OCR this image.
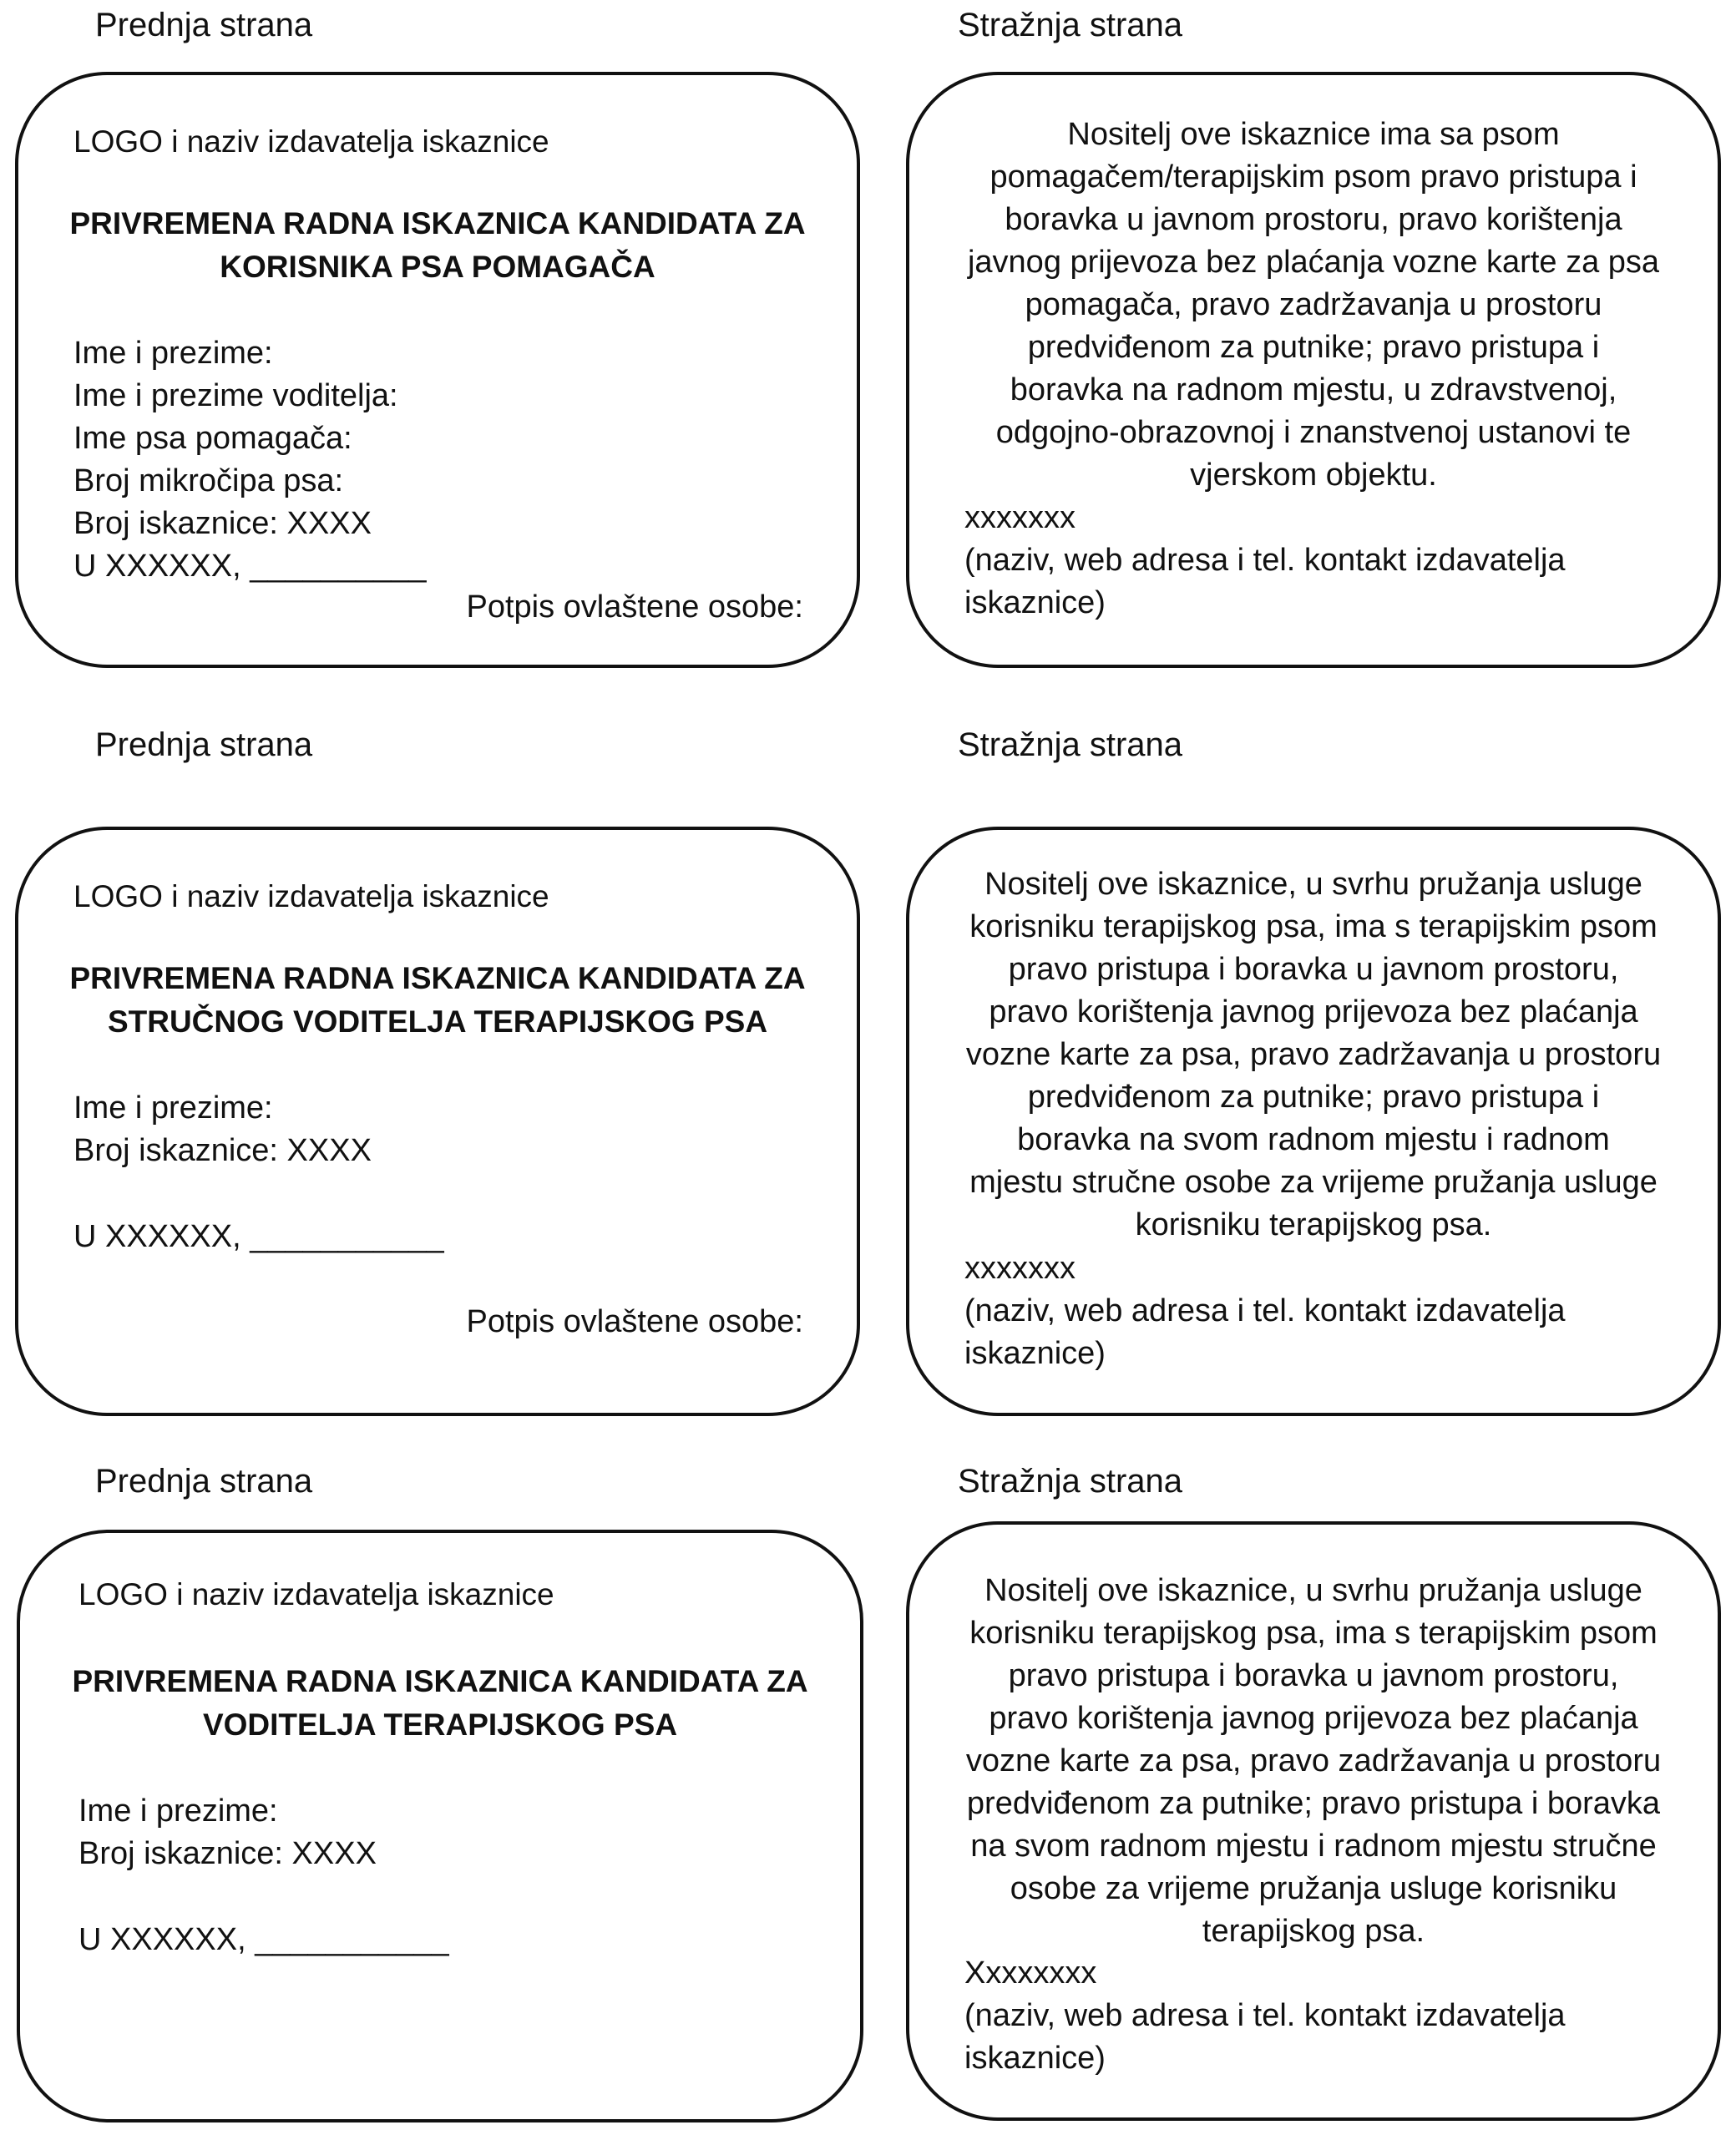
Prednja strana	Stražnja strana
LOGO i naziv izdavatelja iskaznice
PRIVREMENA RADNA ISKAZNICA KANDIDATA ZA
KORISNIKA PSA POMAGAČA
Ime i prezime:
Ime i prezime voditelja:
Ime psa pomagača:
Broj mikročipa psa:
Broj iskaznice: XXXX
U XXXXXX, __________
Potpis ovlaštene osobe:
Nositelj ove iskaznice ima sa psom
pomagačem/terapijskim psom pravo pristupa i
boravka u javnom prostoru, pravo korištenja
javnog prijevoza bez plaćanja vozne karte za psa
pomagača, pravo zadržavanja u prostoru
predviđenom za putnike; pravo pristupa i
boravka na radnom mjestu, u zdravstvenoj,
odgojno-obrazovnoj i znanstvenoj ustanovi te
vjerskom objektu.
xxxxxxx
(naziv, web adresa i tel. kontakt izdavatelja
iskaznice)
Prednja strana	Stražnja strana
LOGO i naziv izdavatelja iskaznice
PRIVREMENA RADNA ISKAZNICA KANDIDATA ZA
STRUČNOG VODITELJA TERAPIJSKOG PSA
Ime i prezime:
Broj iskaznice: XXXX
U XXXXXX, ___________
Potpis ovlaštene osobe:
Nositelj ove iskaznice, u svrhu pružanja usluge
korisniku terapijskog psa, ima s terapijskim psom
pravo pristupa i boravka u javnom prostoru,
pravo korištenja javnog prijevoza bez plaćanja
vozne karte za psa, pravo zadržavanja u prostoru
predviđenom za putnike; pravo pristupa i
boravka na svom radnom mjestu i radnom
mjestu stručne osobe za vrijeme pružanja usluge
korisniku terapijskog psa.
xxxxxxx
(naziv, web adresa i tel. kontakt izdavatelja
iskaznice)
Prednja strana	Stražnja strana
LOGO i naziv izdavatelja iskaznice
PRIVREMENA RADNA ISKAZNICA KANDIDATA ZA
VODITELJA TERAPIJSKOG PSA
Ime i prezime:
Broj iskaznice: XXXX
U XXXXXX, ___________
Nositelj ove iskaznice, u svrhu pružanja usluge
korisniku terapijskog psa, ima s terapijskim psom
pravo pristupa i boravka u javnom prostoru,
pravo korištenja javnog prijevoza bez plaćanja
vozne karte za psa, pravo zadržavanja u prostoru
predviđenom za putnike; pravo pristupa i boravka
na svom radnom mjestu i radnom mjestu stručne
osobe za vrijeme pružanja usluge korisniku
terapijskog psa.
Xxxxxxxx
(naziv, web adresa i tel. kontakt izdavatelja
iskaznice)
